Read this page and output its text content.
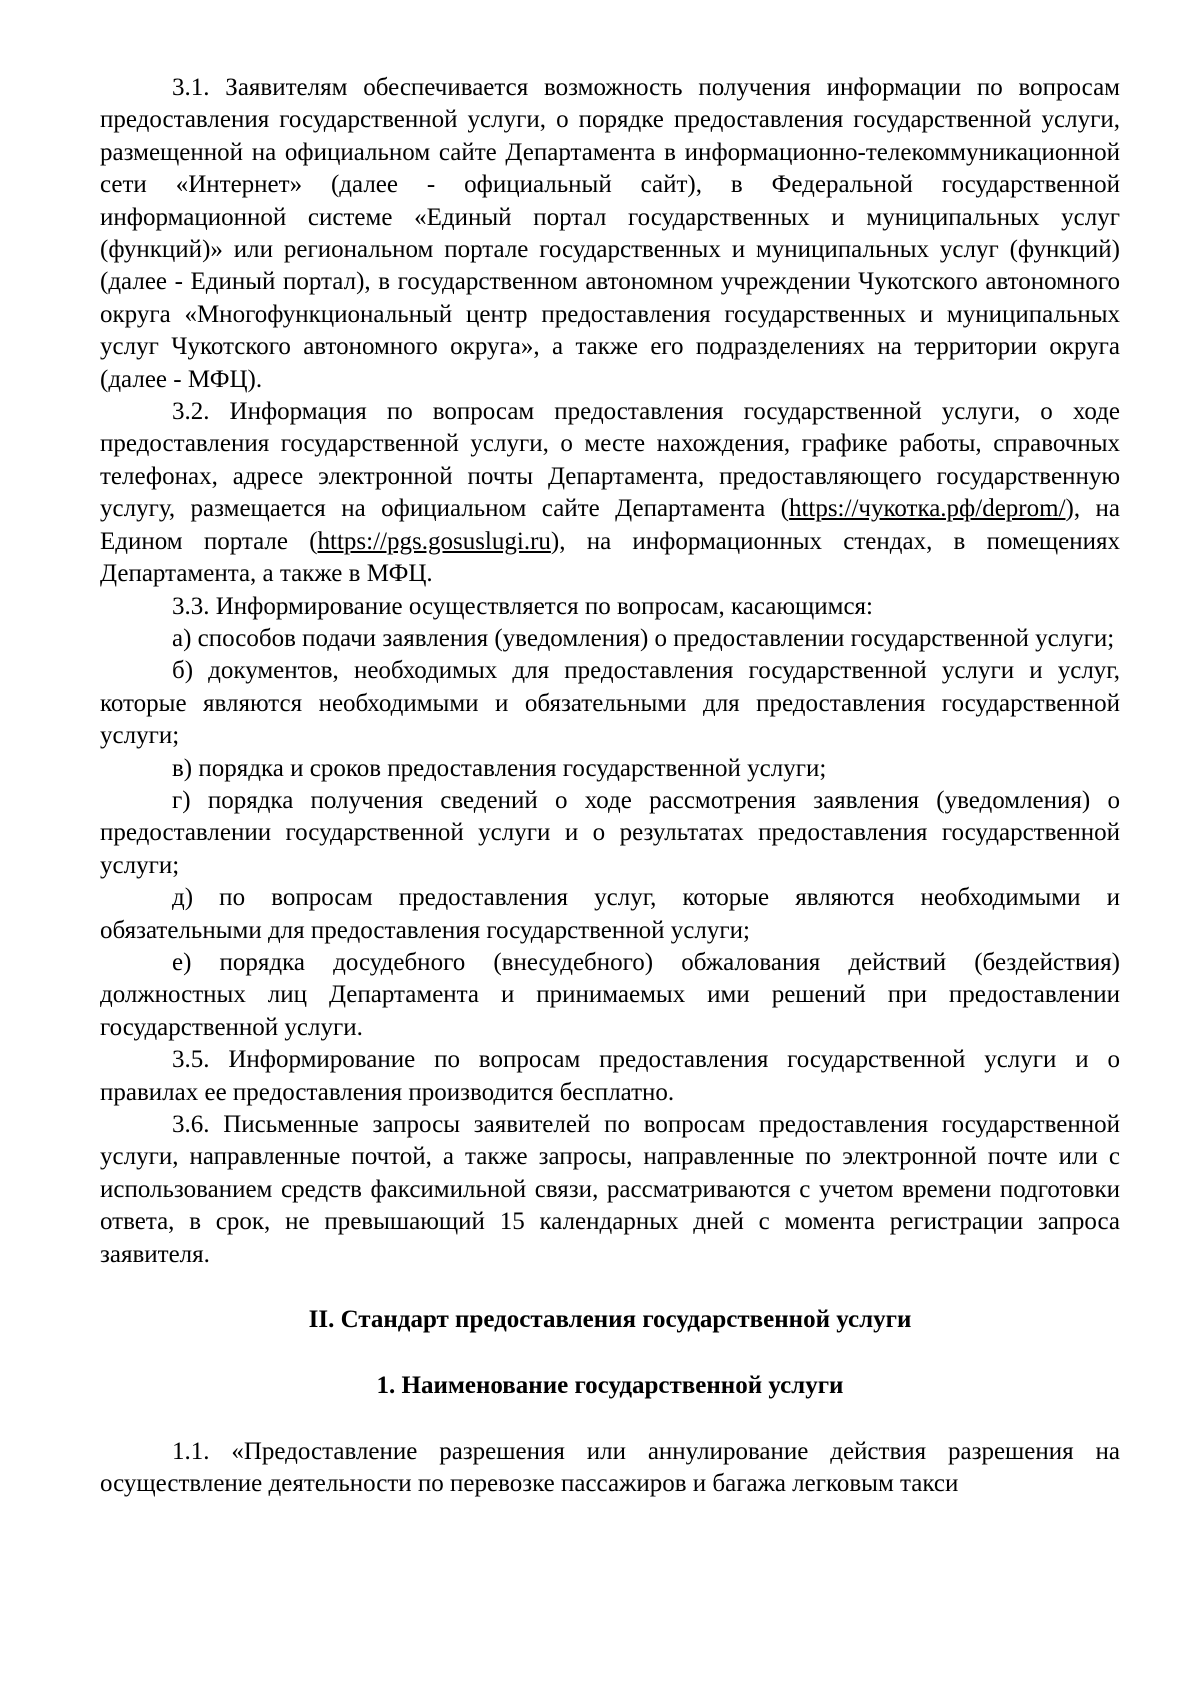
3.1. Заявителям обеспечивается возможность получения информации по вопросам предоставления государственной услуги, о порядке предоставления государственной услуги, размещенной на официальном сайте Департамента в информационно-телекоммуникационной сети «Интернет» (далее - официальный сайт), в Федеральной государственной информационной системе «Единый портал государственных и муниципальных услуг (функций)» или региональном портале государственных и муниципальных услуг (функций) (далее - Единый портал), в государственном автономном учреждении Чукотского автономного округа «Многофункциональный центр предоставления государственных и муниципальных услуг Чукотского автономного округа», а также его подразделениях на территории округа (далее - МФЦ).

3.2. Информация по вопросам предоставления государственной услуги, о ходе предоставления государственной услуги, о месте нахождения, графике работы, справочных телефонах, адресе электронной почты Департамента, предоставляющего государственную услугу, размещается на официальном сайте Департамента (https://чукотка.рф/deprom/), на Едином портале (https://pgs.gosuslugi.ru), на информационных стендах, в помещениях Департамента, а также в МФЦ.

3.3. Информирование осуществляется по вопросам, касающимся:

а) способов подачи заявления (уведомления) о предоставлении государственной услуги;

б) документов, необходимых для предоставления государственной услуги и услуг, которые являются необходимыми и обязательными для предоставления государственной услуги;

в) порядка и сроков предоставления государственной услуги;

г) порядка получения сведений о ходе рассмотрения заявления (уведомления) о предоставлении государственной услуги и о результатах предоставления государственной услуги;

д) по вопросам предоставления услуг, которые являются необходимыми и обязательными для предоставления государственной услуги;

е) порядка досудебного (внесудебного) обжалования действий (бездействия) должностных лиц Департамента и принимаемых ими решений при предоставлении государственной услуги.

3.5. Информирование по вопросам предоставления государственной услуги и о правилах ее предоставления производится бесплатно.

3.6. Письменные запросы заявителей по вопросам предоставления государственной услуги, направленные почтой, а также запросы, направленные по электронной почте или с использованием средств факсимильной связи, рассматриваются с учетом времени подготовки ответа, в срок, не превышающий 15 календарных дней с момента регистрации запроса заявителя.

II. Стандарт предоставления государственной услуги

1. Наименование государственной услуги

1.1. «Предоставление разрешения или аннулирование действия разрешения на осуществление деятельности по перевозке пассажиров и багажа легковым такси
